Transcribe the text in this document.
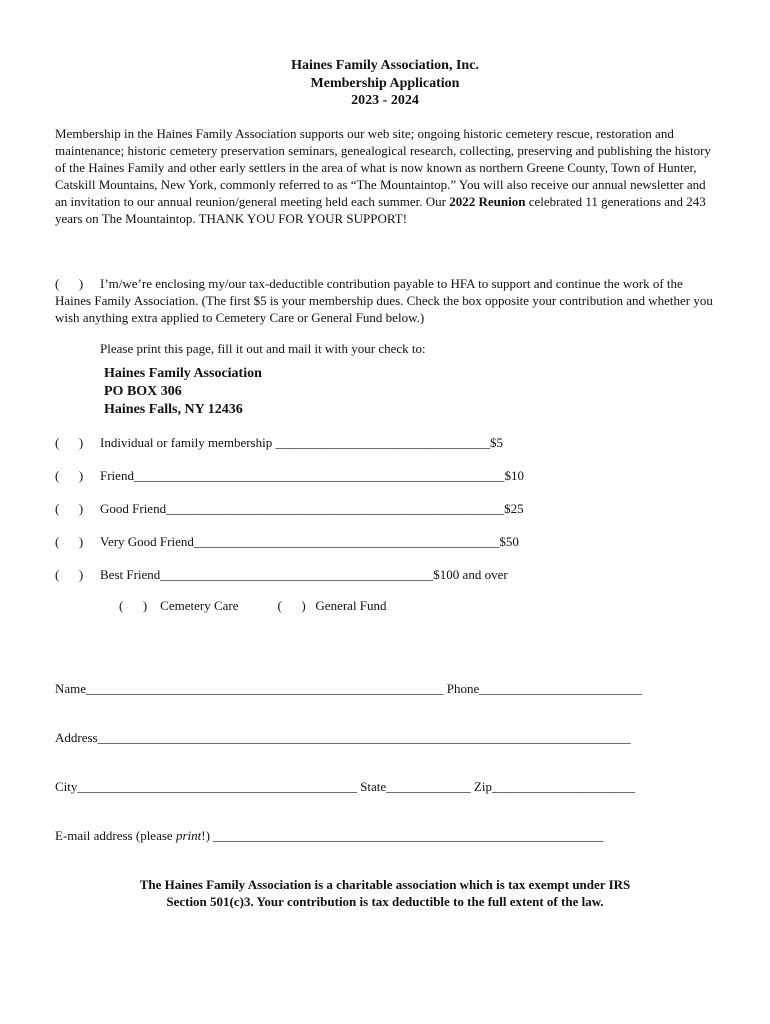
Haines Family Association, Inc.
Membership Application
2023 - 2024
Membership in the Haines Family Association supports our web site; ongoing historic cemetery rescue, restoration and maintenance; historic cemetery preservation seminars, genealogical research, collecting, preserving and publishing the history of the Haines Family and other early settlers in the area of what is now known as northern Greene County, Town of Hunter, Catskill Mountains, New York, commonly referred to as “The Mountaintop.” You will also receive our annual newsletter and an invitation to our annual reunion/general meeting held each summer. Our 2022 Reunion celebrated 11 generations and 243 years on The Mountaintop. THANK YOU FOR YOUR SUPPORT!
(      ) I’m/we’re enclosing my/our tax-deductible contribution payable to HFA to support and continue the work of the Haines Family Association. (The first $5 is your membership dues. Check the box opposite your contribution and whether you wish anything extra applied to Cemetery Care or General Fund below.)
Please print this page, fill it out and mail it with your check to:
Haines Family Association
PO BOX 306
Haines Falls, NY 12436
(      ) Individual or family membership _________________________________$5
(      ) Friend_________________________________________________________$10
(      ) Good Friend____________________________________________________$25
(      ) Very Good Friend_______________________________________________$50
(      ) Best Friend__________________________________________$100 and over
(      ) Cemetery Care	(      ) General Fund
Name_______________________________________________________ Phone_________________________
Address__________________________________________________________________________________
City___________________________________________ State_____________ Zip______________________
E-mail address (please print!) ____________________________________________________________
The Haines Family Association is a charitable association which is tax exempt under IRS
Section 501(c)3. Your contribution is tax deductible to the full extent of the law.
